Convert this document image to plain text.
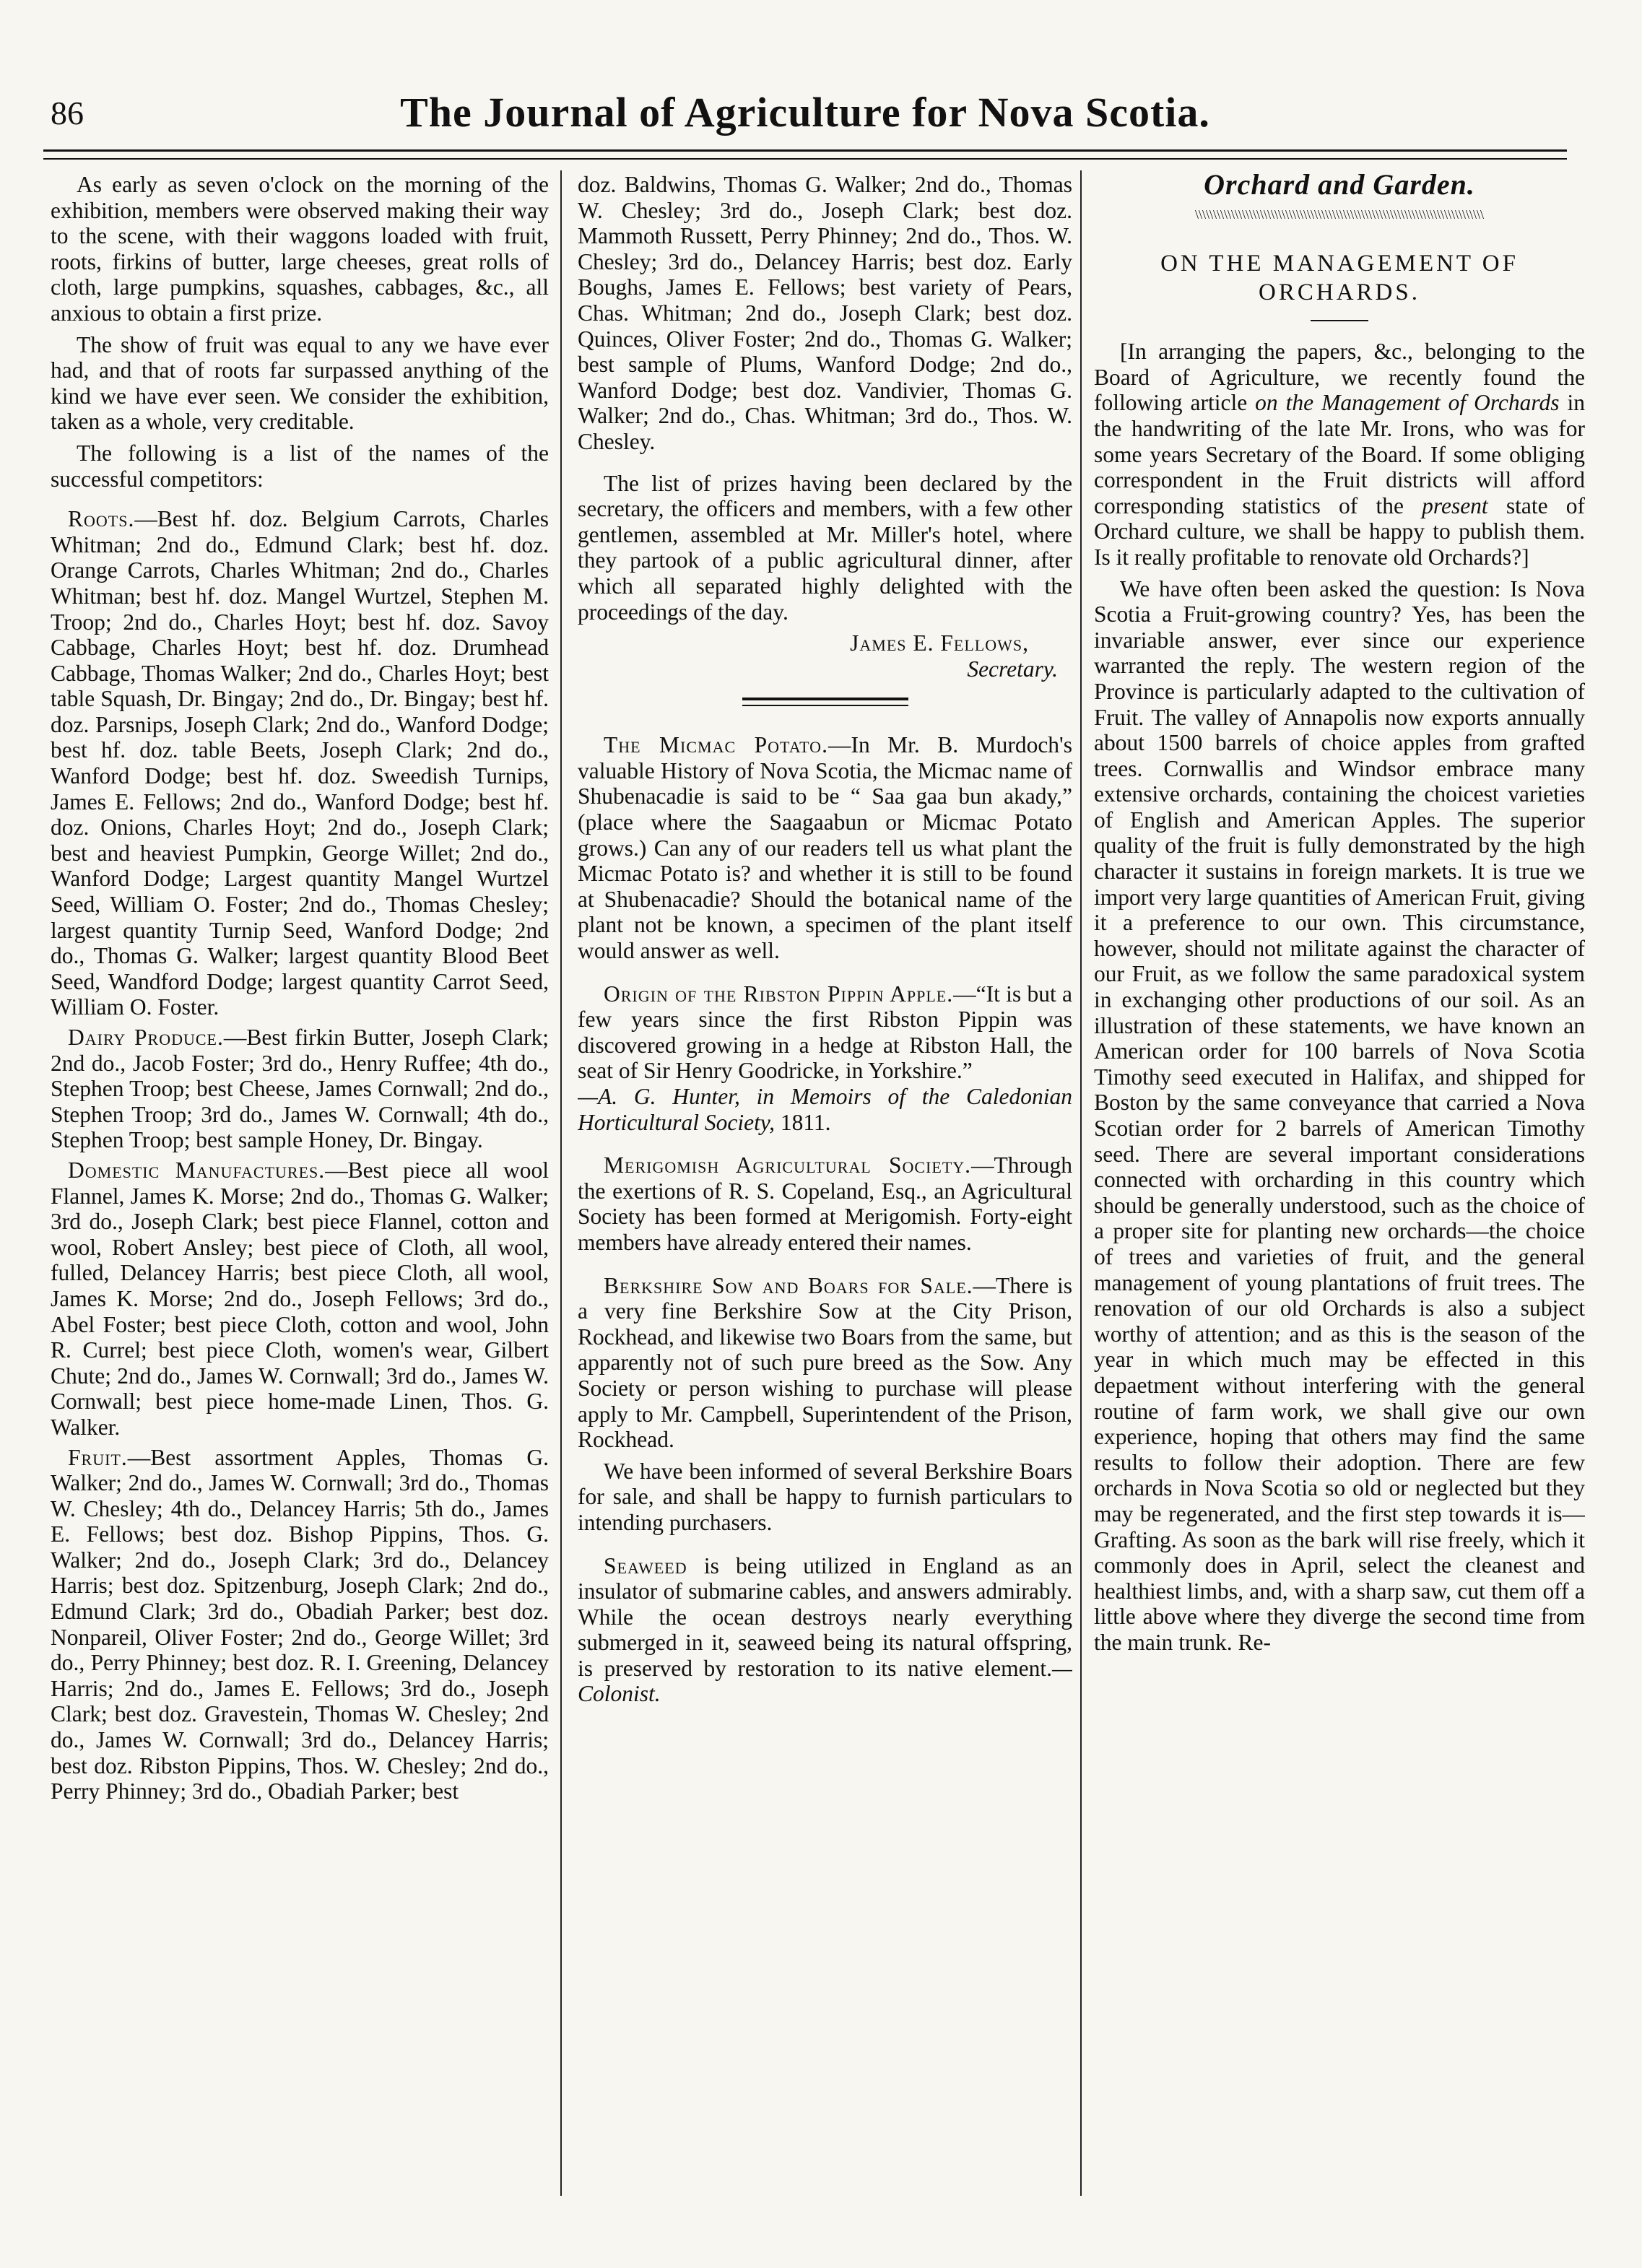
86	The Journal of Agriculture for Nova Scotia.

As early as seven o'clock on the morning of the exhibition, members were observed making their way to the scene, with their waggons loaded with fruit, roots, firkins of butter, large cheeses, great rolls of cloth, large pumpkins, squashes, cabbages, &c., all anxious to obtain a first prize.

The show of fruit was equal to any we have ever had, and that of roots far surpassed anything of the kind we have ever seen. We consider the exhibition, taken as a whole, very creditable.

The following is a list of the names of the successful competitors:

Roots.—Best hf. doz. Belgium Carrots, Charles Whitman; 2nd do., Edmund Clark; best hf. doz. Orange Carrots, Charles Whitman; 2nd do., Charles Whitman; best hf. doz. Mangel Wurtzel, Stephen M. Troop; 2nd do., Charles Hoyt; best hf. doz. Savoy Cabbage, Charles Hoyt; best hf. doz. Drumhead Cabbage, Thomas Walker; 2nd do., Charles Hoyt; best table Squash, Dr. Bingay; 2nd do., Dr. Bingay; best hf. doz. Parsnips, Joseph Clark; 2nd do., Wanford Dodge; best hf. doz. table Beets, Joseph Clark; 2nd do., Wanford Dodge; best hf. doz. Sweedish Turnips, James E. Fellows; 2nd do., Wanford Dodge; best hf. doz. Onions, Charles Hoyt; 2nd do., Joseph Clark; best and heaviest Pumpkin, George Willet; 2nd do., Wanford Dodge; Largest quantity Mangel Wurtzel Seed, William O. Foster; 2nd do., Thomas Chesley; largest quantity Turnip Seed, Wanford Dodge; 2nd do., Thomas G. Walker; largest quantity Blood Beet Seed, Wandford Dodge; largest quantity Carrot Seed, William O. Foster.

Dairy Produce.—Best firkin Butter, Joseph Clark; 2nd do., Jacob Foster; 3rd do., Henry Ruffee; 4th do., Stephen Troop; best Cheese, James Cornwall; 2nd do., Stephen Troop; 3rd do., James W. Cornwall; 4th do., Stephen Troop; best sample Honey, Dr. Bingay.

Domestic Manufactures.—Best piece all wool Flannel, James K. Morse; 2nd do., Thomas G. Walker; 3rd do., Joseph Clark; best piece Flannel, cotton and wool, Robert Ansley; best piece of Cloth, all wool, fulled, Delancey Harris; best piece Cloth, all wool, James K. Morse; 2nd do., Joseph Fellows; 3rd do., Abel Foster; best piece Cloth, cotton and wool, John R. Currel; best piece Cloth, women's wear, Gilbert Chute; 2nd do., James W. Cornwall; 3rd do., James W. Cornwall; best piece home-made Linen, Thos. G. Walker.

Fruit.—Best assortment Apples, Thomas G. Walker; 2nd do., James W. Cornwall; 3rd do., Thomas W. Chesley; 4th do., Delancey Harris; 5th do., James E. Fellows; best doz. Bishop Pippins, Thos. G. Walker; 2nd do., Joseph Clark; 3rd do., Delancey Harris; best doz. Spitzenburg, Joseph Clark; 2nd do., Edmund Clark; 3rd do., Obadiah Parker; best doz. Nonpareil, Oliver Foster; 2nd do., George Willet; 3rd do., Perry Phinney; best doz. R. I. Greening, Delancey Harris; 2nd do., James E. Fellows; 3rd do., Joseph Clark; best doz. Gravestein, Thomas W. Chesley; 2nd do., James W. Cornwall; 3rd do., Delancey Harris; best doz. Ribston Pippins, Thos. W. Chesley; 2nd do., Perry Phinney; 3rd do., Obadiah Parker; best

doz. Baldwins, Thomas G. Walker; 2nd do., Thomas W. Chesley; 3rd do., Joseph Clark; best doz. Mammoth Russett, Perry Phinney; 2nd do., Thos. W. Chesley; 3rd do., Delancey Harris; best doz. Early Boughs, James E. Fellows; best variety of Pears, Chas. Whitman; 2nd do., Joseph Clark; best doz. Quinces, Oliver Foster; 2nd do., Thomas G. Walker; best sample of Plums, Wanford Dodge; 2nd do., Wanford Dodge; best doz. Vandivier, Thomas G. Walker; 2nd do., Chas. Whitman; 3rd do., Thos. W. Chesley.

The list of prizes having been declared by the secretary, the officers and members, with a few other gentlemen, assembled at Mr. Miller's hotel, where they partook of a public agricultural dinner, after which all separated highly delighted with the proceedings of the day.

James E. Fellows,

Secretary.

The Micmac Potato.—In Mr. B. Murdoch's valuable History of Nova Scotia, the Micmac name of Shubenacadie is said to be “ Saa gaa bun akady,” (place where the Saagaabun or Micmac Potato grows.) Can any of our readers tell us what plant the Micmac Potato is? and whether it is still to be found at Shubenacadie? Should the botanical name of the plant not be known, a specimen of the plant itself would answer as well.

Origin of the Ribston Pippin Apple.—“It is but a few years since the first Ribston Pippin was discovered growing in a hedge at Ribston Hall, the seat of Sir Henry Goodricke, in Yorkshire.”
—A. G. Hunter, in Memoirs of the Caledonian Horticultural Society, 1811.

Merigomish Agricultural Society.—Through the exertions of R. S. Copeland, Esq., an Agricultural Society has been formed at Merigomish. Forty-eight members have already entered their names.

Berkshire Sow and Boars for Sale.—There is a very fine Berkshire Sow at the City Prison, Rockhead, and likewise two Boars from the same, but apparently not of such pure breed as the Sow. Any Society or person wishing to purchase will please apply to Mr. Campbell, Superintendent of the Prison, Rockhead.

We have been informed of several Berkshire Boars for sale, and shall be happy to furnish particulars to intending purchasers.

Seaweed is being utilized in England as an insulator of submarine cables, and answers admirably. While the ocean destroys nearly everything submerged in it, seaweed being its natural offspring, is preserved by restoration to its native element.—Colonist.

Orchard and Garden.
\\\\\\\\\\\\\\\\\\\\\\\\\\\\\\\\\\\\\\\\\\\\\\\\\\\\\\\\\\\\\\\\\\\\\\\\\\\\\\\\
ON THE MANAGEMENT OF ORCHARDS.

[In arranging the papers, &c., belonging to the Board of Agriculture, we recently found the following article on the Management of Orchards in the handwriting of the late Mr. Irons, who was for some years Secretary of the Board. If some obliging correspondent in the Fruit districts will afford corresponding statistics of the present state of Orchard culture, we shall be happy to publish them. Is it really profitable to renovate old Orchards?]

We have often been asked the question: Is Nova Scotia a Fruit-growing country? Yes, has been the invariable answer, ever since our experience warranted the reply. The western region of the Province is particularly adapted to the cultivation of Fruit. The valley of Annapolis now exports annually about 1500 barrels of choice apples from grafted trees. Cornwallis and Windsor embrace many extensive orchards, containing the choicest varieties of English and American Apples. The superior quality of the fruit is fully demonstrated by the high character it sustains in foreign markets. It is true we import very large quantities of American Fruit, giving it a preference to our own. This circumstance, however, should not militate against the character of our Fruit, as we follow the same paradoxical system in exchanging other productions of our soil. As an illustration of these statements, we have known an American order for 100 barrels of Nova Scotia Timothy seed executed in Halifax, and shipped for Boston by the same conveyance that carried a Nova Scotian order for 2 barrels of American Timothy seed. There are several important considerations connected with orcharding in this country which should be generally understood, such as the choice of a proper site for planting new orchards—the choice of trees and varieties of fruit, and the general management of young plantations of fruit trees. The renovation of our old Orchards is also a subject worthy of attention; and as this is the season of the year in which much may be effected in this depaetment without interfering with the general routine of farm work, we shall give our own experience, hoping that others may find the same results to follow their adoption. There are few orchards in Nova Scotia so old or neglected but they may be regenerated, and the first step towards it is—Grafting. As soon as the bark will rise freely, which it commonly does in April, select the cleanest and healthiest limbs, and, with a sharp saw, cut them off a little above where they diverge the second time from the main trunk. Re-
